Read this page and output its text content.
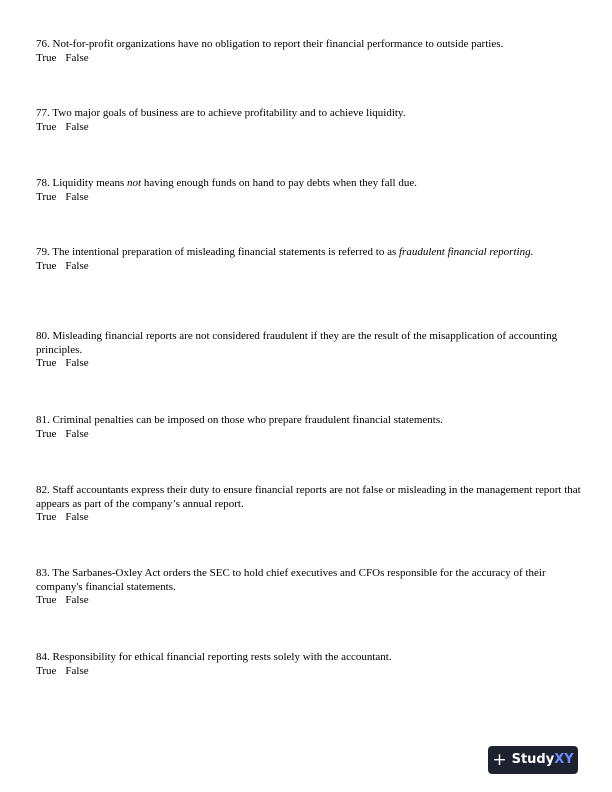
76. Not-for-profit organizations have no obligation to report their financial performance to outside parties.

True False

77. Two major goals of business are to achieve profitability and to achieve liquidity.

True False

78. Liquidity means not having enough funds on hand to pay debts when they fall due.

True False

79. The intentional preparation of misleading financial statements is referred to as fraudulent financial reporting.

True False

80. Misleading financial reports are not considered fraudulent if they are the result of the misapplication of accounting principles.

True False

81. Criminal penalties can be imposed on those who prepare fraudulent financial statements.

True False

82. Staff accountants express their duty to ensure financial reports are not false or misleading in the management report that appears as part of the company’s annual report.

True False

83. The Sarbanes-Oxley Act orders the SEC to hold chief executives and CFOs responsible for the accuracy of their company's financial statements.

True False

84. Responsibility for ethical financial reporting rests solely with the accountant.

True False
+ Study XY
